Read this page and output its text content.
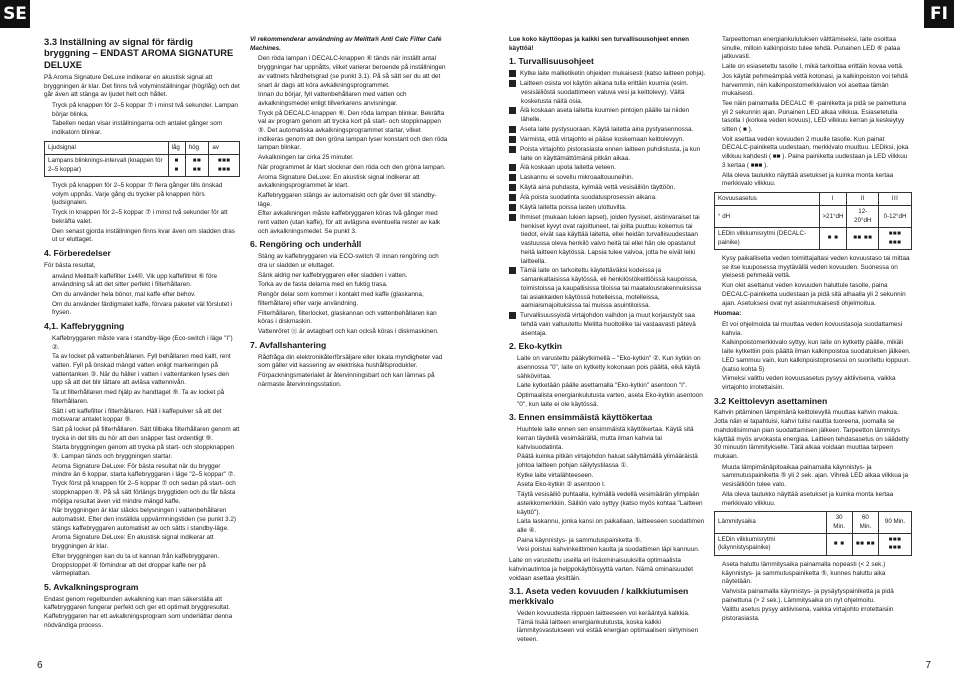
SE	FI
6	7
3.3 Inställning av signal för färdig bryggning – ENDAST AROMA SIGNATURE DELUXE

På Aroma Signature DeLuxe indikerar en akustisk signal att bryggningen är klar. Det finns två volyminställningar (hög/låg) och det går även att stänga av ljudet helt och hållet.

• Tryck på knappen för 2–5 koppar ⑦ i minst två sekunder. Lampan börjar blinka.
• Tabellen nedan visar inställningarna och antalet gånger som indikatorn blinkar.
Ljudsignal	låg	hög	av
Lampans blinknings-intervall (knappen för 2–5 koppar)	■ ■	■■ ■■	■■■ ■■■
• Tryck på knappen för 2–5 koppar ⑦ flera gånger tills önskad volym uppnås. Varje gång du trycker på knappen hörs ljudsignalen.
• Tryck in knappen för 2–5 koppar ⑦ i minst två sekunder för att bekräfta valet.
• Den senast gjorda inställningen finns kvar även om sladden dras ut ur eluttaget.
4. Förberedelser

För bästa resultat,

• använd Melitta® kaffefilter 1x4®. Vik upp kaffefiltret ⑥ före användning så att det sitter perfekt i filterhållaren.
• Om du använder hela bönor, mal kaffe efter behov.
• Om du använder färdigmalet kaffe, förvara paketet väl förslutet i frysen.
4,1. Kaffebryggning
• Kaffebryggaren måste vara i standby-läge (Eco-switch i läge "I") ②.
• Ta av locket på vattenbehållaren. Fyll behållaren med kallt, rent vatten. Fyll på önskad mängd vatten enligt markeringen på vattentanken ③. När du häller i vatten i vattentanken lyses den upp så att det blir lättare att avläsa vattennivån.
• Ta ut filterhållaren med hjälp av handtaget ⑨. Ta av locket på filterhållaren.
• Sätt i ett kaffefilter i filterhållaren. Häll i kaffepulver så att det motsvarar antalet koppar ⑨.
• Sätt på locket på filterhållaren. Sätt tillbaka filterhållaren genom att trycka in det tills du hör att den snäpper fast ordentligt ⑨.
• Starta bryggningen genom att trycka på start- och stoppknappen ⑤. Lampan tänds och bryggningen startar.
• Aroma Signature DeLuxe: För bästa resultat när du brygger mindre än 6 koppar, starta kaffebryggaren i läge "2–5 koppar" ⑦. Tryck först på knappen för 2–5 koppar ⑦ och sedan på start- och stoppknappen ⑤. På så sätt förlängs bryggtiden och du får bästa möjliga resultat även vid mindre mängd kaffe.
• När bryggningen är klar släcks belysningen i vattenbehållaren automatiskt. Efter den inställda uppvärmningstiden (se punkt 3.2) stängs kaffebryggaren automatiskt av och sätts i standby-läge.
• Aroma Signature DeLuxe: En akustisk signal indikerar att bryggningen är klar.
• Efter bryggningen kan du ta ut kannan från kaffebryggaren. Droppstoppet ④ förhindrar att det droppar kaffe ner på värmeplattan.
5. Avkalkningsprogram

Endast genom regelbunden avkalkning kan man säkerställa att kaffebryggaren fungerar perfekt och ger ett optimalt bryggresultat. Kaffebryggaren har ett avkalkningsprogram som underlättar denna nödvändiga process.

Vi rekommenderar användning av Melitta® Anti Calc Filter Café Machines.

• Den röda lampan i DECALC-knappen ⑥ tänds när inställt antal bryggningar har uppnåtts, vilket varierar beroende på inställningen av vattnets hårdhetsgrad (se punkt 3.1). På så sätt ser du att det snart är dags att köra avkalkningsprogrammet.
• Innan du börjar, fyll vattenbehållaren med vatten och avkalkningsmedel enligt tillverkarens anvisningar.
• Tryck på DECALC-knappen ⑥. Den röda lampan blinkar. Bekräfta val av program genom att trycka kort på start- och stoppknappen ⑤. Det automatiska avkalkningsprogrammet startar, vilket indikeras genom att den gröna lampan lyser konstant och den röda lampan blinkar.
• Avkalkningen tar cirka 25 minuter.
• När programmet är klart slocknar den röda och den gröna lampan.
• Aroma Signature DeLuxe: En akustisk signal indikerar att avkalkningsprogrammet är klart.
• Kaffebryggaren stängs av automatiskt och går över till standby-läge.
• Efter avkalkningen måste kaffebryggaren köras två gånger med rent vatten (utan kaffe), för att avlägsna eventuella rester av kalk och avkalkningsmedel. Se punkt 3.
6. Rengöring och underhåll
• Stäng av kaffebryggaren via ECO-switch ② innan rengöring och dra ur sladden ur eluttaget.
• Sänk aldrig ner kaffebryggaren eller sladden i vatten.
• Torka av de fasta delarna med en fuktig trasa.
• Rengör delar som kommer i kontakt med kaffe (glaskanna, filterhållare) efter varje användning.
• Filterhållaren, filterlocket, glaskannan och vattenbehållaren kan köras i diskmaskin.
• Vattenröret ⑪ är avtagbart och kan också köras i diskmaskinen.
7. Avfallshantering
• Rådfråga din elektronikåterförsäljare eller lokala myndigheter vad som gäller vid kassering av elektriska hushållsprodukter.
• Förpackningsmaterialet är återvinningsbart och kan lämnas på närmaste återvinningsstation.

Lue koko käyttöopas ja kaikki sen turvallisuusohjeet ennen käyttöä!

1. Turvallisuusohjeet
Kytke laite mallietiketin ohjeiden mukaisesti (katso laitteen pohja).
Laitteen osista voi käytön aikana tulla erittäin kuumia (esim. vesisäiliöstä suodattimeen valuva vesi ja keittolevy). Vältä kosketusta näitä osia.
Älä koskaan aseta laitetta kuumien pintojen päälle tai niiden lähelle.
Aseta laite pystysuoraan. Käytä laitetta aina pystyasennossa.
Varmista, että virtajohto ei pääse koskemaan keittolevyyn.
Poista virtajohto pistorasiasta ennen laitteen puhdistusta, ja kun laite on käyttämättömänä pitkän aikaa.
Älä koskaan upota laitetta veteen.
Laskannu ei sovellu mikroaaltouuneihin.
Käytä aina puhdasta, kylmää vettä vesisäiliön täyttöön.
Älä poista suodatinta suodatusprosessin aikana.
Käytä laitetta poissa lasten ulottuvilta.
Ihmiset (mukaan lukien lapset), joiden fyysiset, aistinvaraiset tai henkiset kyvyt ovat rajoittuneet, tai joilta puuttuu kokemus tai tiedot, eivät saa käyttää laitetta, ellei heidän turvallisuudestaan vastuussa oleva henkilö valvo heitä tai ellei hän ole opastanut heitä laitteen käytössä. Lapsia tulee valvoa, jotta he eivät leiki laitteella.
Tämä laite on tarkoitettu käytettäväksi kodeissa ja samankaltaisissa käytössä, eli henkilöstökeittiöissä kaupoissa, toimistoissa ja kaupallisissa tiloissa tai maatalousrakennuksissa tai asiakkaiden käytössä hotelleissa, motelleissa, aamiaismajoituksissa tai muissa asuintiloissa.
Turvallisuussyistä virtajohdon vaihdon ja muut korjaustyöt saa tehdä vain valtuutettu Melitta huoltoliike tai vastaavasti pätevä asentaja.
2. Eko-kytkin
• Laite on varustettu pääkytkimellä – "Eko-kytkin" ②. Kun kytkin on asennossa "0", laite on kytketty kokonaan pois päältä, eikä käytä sähkövirtaa.
• Laite kytketään päälle asettamalla "Eko-kytkin" asentoon "I".
• Optimaalista energiankulutusta varten, aseta Eko-kytkin asentoon "0", kun laite ei ole käytössä.
3. Ennen ensimmäistä käyttökertaa
• Huuhtele laite ennen sen ensimmäistä käyttökertaa. Käytä sitä kerran täydellä vesimäärällä, mutta ilman kahvia tai kahvisuodatinta.
• Päätä kuinka pitkän virtajohdon haluat säilyttämällä ylimääräistä johtoa laitteen pohjan säilytystilassa ①.
• Kytke laite virtalähteeseen.
• Aseta Eko-kytkin ② asentoon I.
• Täytä vesisäiliö puhtaalla, kylmällä vedellä vesimäärän ylimpään asteikkomerkkiin. Säiliön valo syttyy (katso myös kohtaa "Laitteen käyttö").
• Laita laskannu, jonka kansi on paikallaan, laitteeseen suodattimen alle ④.
• Paina käynnistys- ja sammutuspainiketta ⑤.
• Vesi poistuu kahvinkeittimen kautta ja suodattimen läpi kannuun.

Laite on varustettu useilla eri lisäominaisuuksilla optimaalista kahvinautintoa ja helppokäyttöisyyttä varten. Nämä ominaisuudet voidaan asettaa yksittäin.

3.1. Aseta veden kovuuden / kalkkiutumisen merkkivalo
• Veden kovuudesta riippuen laitteeseen voi kerääntyä kalkkia. Tämä lisää laitteen energiankulutusta, koska kalkki lämmitysvastukseen voi estää energian optimaalisen siirtymisen veteen.
• Tarpeettoman energiankulutuksen välttämiseksi, laite osoittaa sinulle, milloin kalkinpoisto tulee tehdä. Punainen LED ⑥ palaa jatkuvasti.
• Laite on esiasetettu tasolle I, mikä tarkoittaa erittäin kovaa vettä.
• Jos käytät pehmeämpää vettä kotonasi, ja kalkinpoiston voi tehdä harvemmin, niin kalkinpoistomerkkivalon voi asettaa tämän mukaisesti.
• Tee näin painamalla DECALC ⑥ -painiketta ja pidä se painettuna yli 2 sekunnin ajan. Punainen LED alkaa vilkkua. Esiasetetulla tasolla I (korkea veden kovuus), LED vilkkuu kerran ja keskeytyy sitten ( ■ ).
• Voit asettaa veden kovuuden 2 muulle tasolle. Kun painat DECALC-painiketta uudestaan, merkkivalo muuttuu. LEDiksi, joka vilkkuu kahdesti ( ■■ ). Paina painiketta uudestaan ja LED vilkkuu 3 kertaa ( ■■■ ).
• Alla oleva taulukko näyttää asetukset ja kuinka monta kertaa merkkivalo vilkkuu.
Kovuusasetus	I	II	III
° dH	>21°dH	12-20°dH	0-12°dH
LEDin vilkkumisrytmi (DECALC-painike)	■ ■	■■ ■■	■■■ ■■■
• Kysy paikalliselta veden toimittajaltasi veden kovuustaso tai mittaa se itse kuuposessa myytävällä veden kovuuden. Suonessa on yleisesti pehmeää vettä.
• Kun olet asettanut veden kovuuden haluttule tasolle, paina DECALC-painiketta uudestaan ja pidä sitä alhaalla yli 2 sekunnin ajan. Asetuksesi ovat nyt asianmukaisesti ohjelmoitua.

Huomaa:

• Et voi ohjelmoida tai muuttaa veden kovuustasoja suodattamesi kahvia.
• Kalkinpoistomerkkivalo syttyy, kun laite on kytketty päälle, mikäli laite kytkettiin pois päältä ilman kalkinpoistoa suodatuksen jälkeen. LED sammuu vain, kun kalkinpoistoprosessi on suoritettu loppuun. (katso kohta 5)
• Viimeksi valittu veden kovuusasetus pysyy aktiivisena, vaikka virtajohto irrotettaisiin.
3.2 Keittolevyn asettaminen

Kahvin pitäminen lämpimänä keittolevyllä muuttaa kahvin makua. Jotta näin ei tapahtuisi, kahvi tulisi nauttia tuoreena, juomalla se mahdollisimman pian suodattamisen jälkeen. Tarpeetton lämmitys käyttää myös arvokasta energiaa. Laitteen tehdasasetus on säädetty 30 minuutin lämmitykselle. Tätä aikaa voidaan muuttaa tarpeen mukaan.

• Muuta lämpimänäpitoaikaa painamalla käynnistys- ja sammutuspainiketta ⑤ yli 2 sek. ajan. Vihreä LED alkaa vilkkua ja vesisäiliöön tulee valo.
• Alla oleva taulukko näyttää asetukset ja kuinka monta kertaa merkkivalo vilkkuu.
Lämmitysaika	30 Min.	60 Min.	90 Min.
LEDin vilkkumisrytmi (käynnistyspainike)	■ ■	■■ ■■	■■■ ■■■
• Aseta haluttu lämmitysaika painamalla nopeasti (< 2 sek.) käynnistys- ja sammutuspainiketta ⑤, kunnes haluttu aika näytetään.
• Vahvista painamalla käynnistys- ja pysäytyspainiketta ja pidä painettuna (> 2 sek.). Lämmitysaika on nyt ohjelmoitu.
• Valittu asetus pysyy aktiivisena, vaikka virtajohto irrotettaisiin pistorasiasta.
